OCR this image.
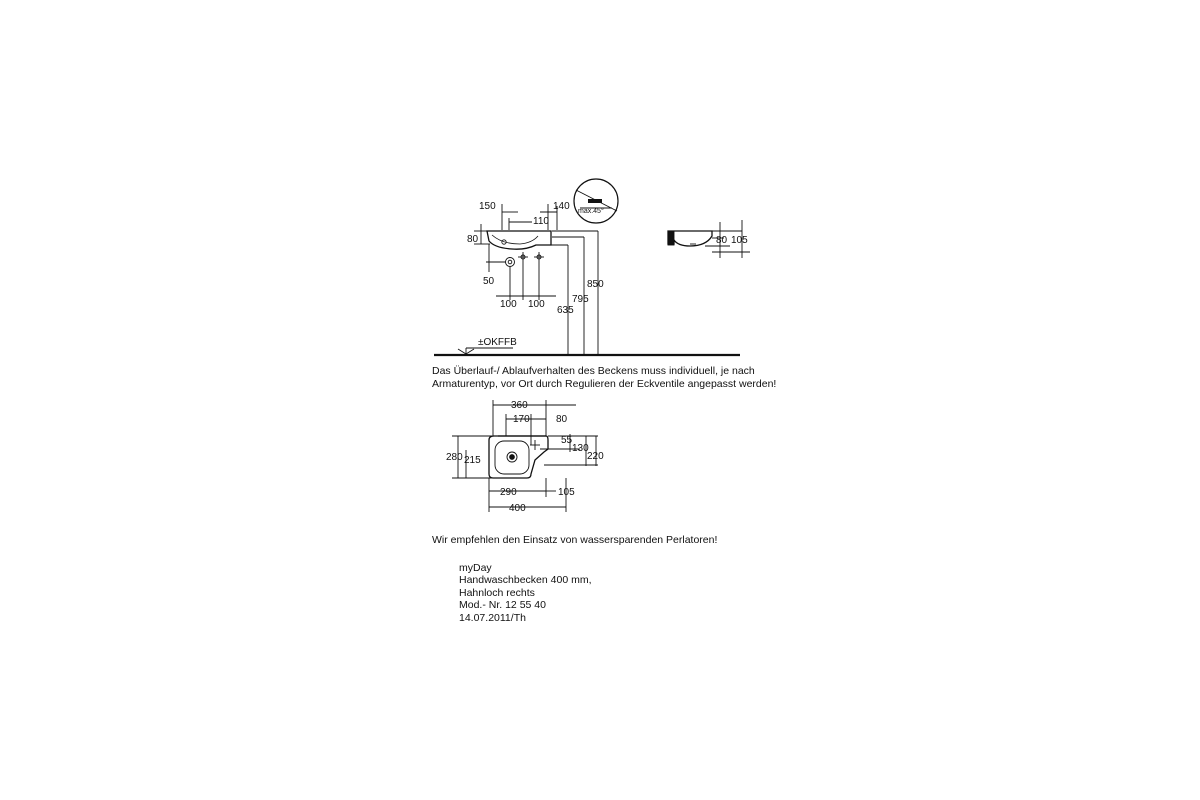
150	140
110
80
50
100 100
635
795
850
max.45°
±OKFFB
80 105
360
170	80
55
130
220
280 215
290	105
400
Das Überlauf-/ Ablaufverhalten des Beckens muss individuell, je nach
Armaturentyp, vor Ort durch Regulieren der Eckventile angepasst werden!
Wir empfehlen den Einsatz von wassersparenden Perlatoren!
myDay
Handwaschbecken 400 mm,
Hahnloch rechts
Mod.- Nr. 12 55 40
14.07.2011/Th
